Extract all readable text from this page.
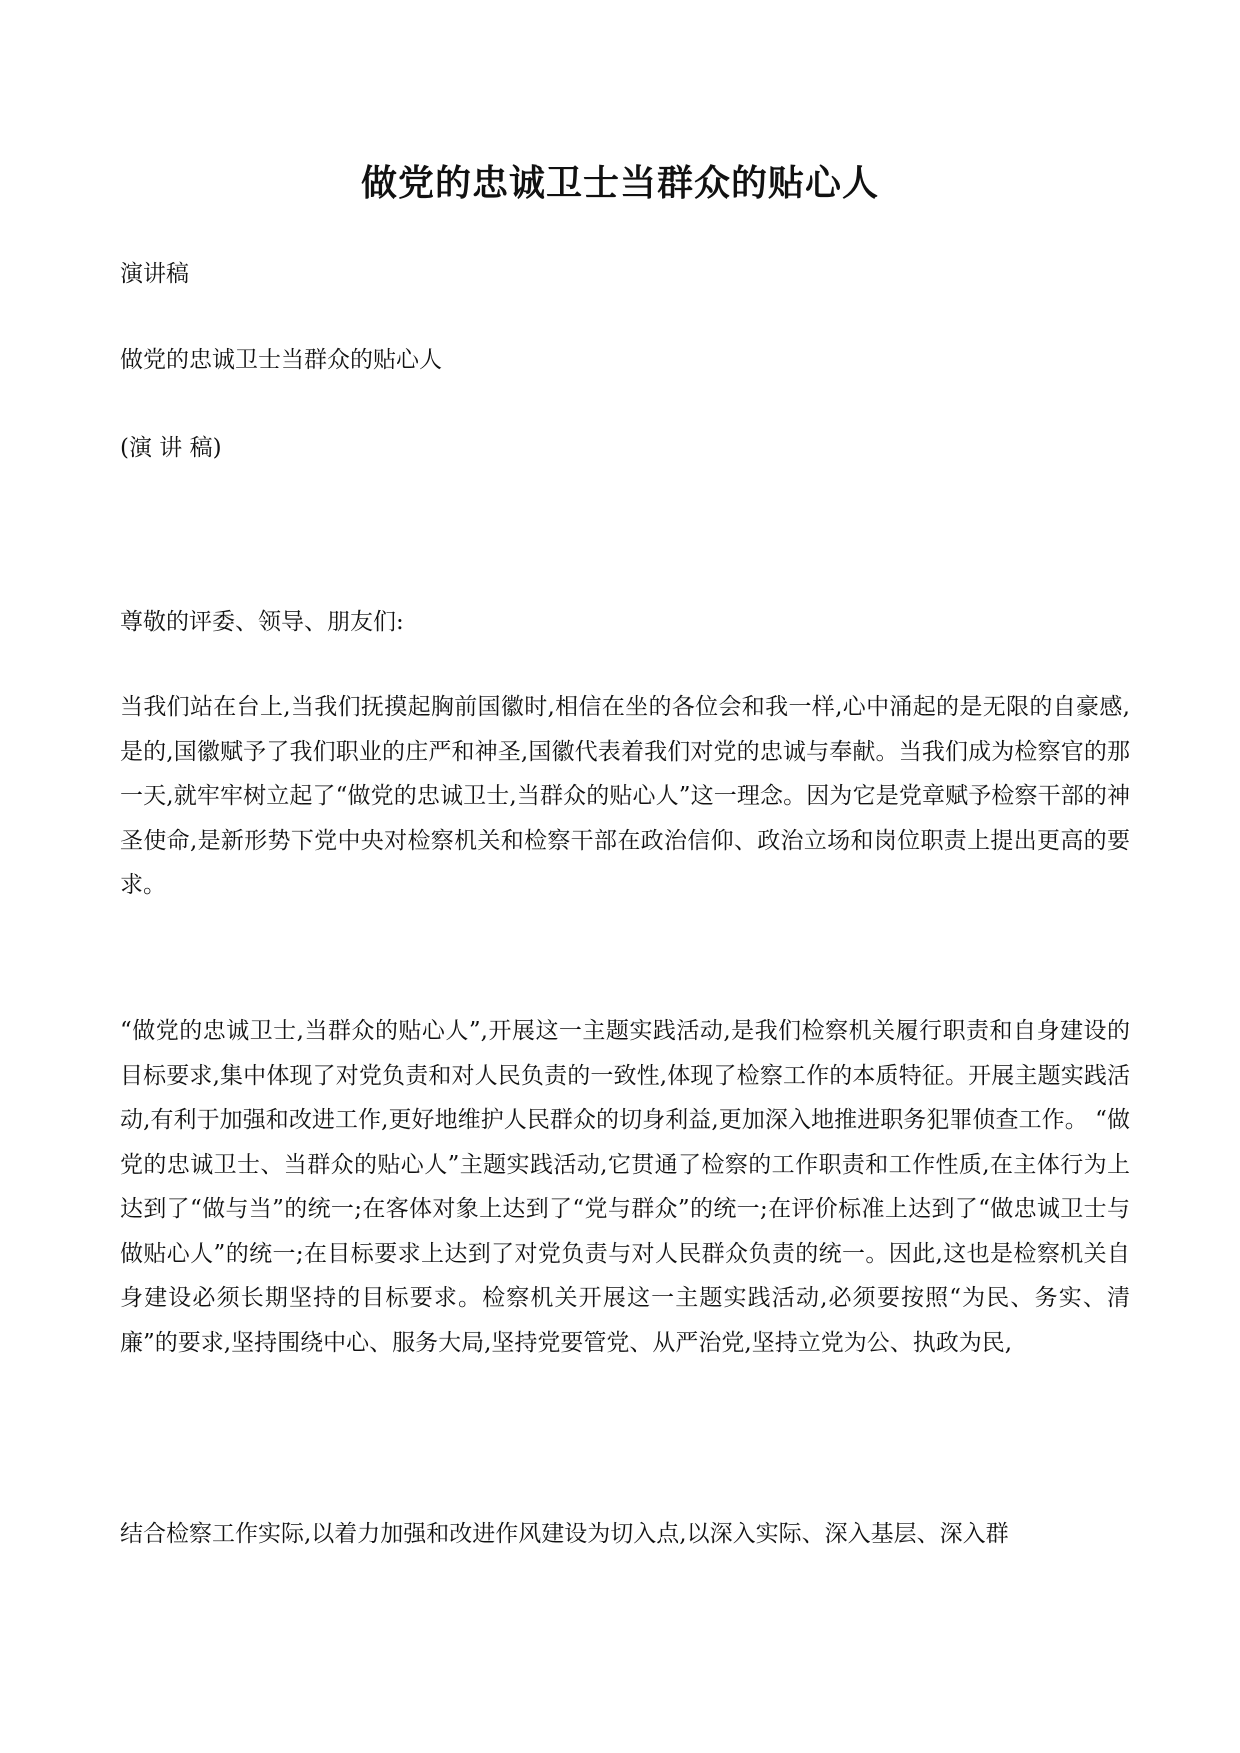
做党的忠诚卫士当群众的贴心人
演讲稿
做党的忠诚卫士当群众的贴心人
(演 讲 稿)
尊敬的评委、领导、朋友们:

当我们站在台上,当我们抚摸起胸前国徽时,相信在坐的各位会和我一样,心中涌起的是无限的自豪感,是的,国徽赋予了我们职业的庄严和神圣,国徽代表着我们对党的忠诚与奉献。当我们成为检察官的那一天,就牢牢树立起了“做党的忠诚卫士,当群众的贴心人”这一理念。因为它是党章赋予检察干部的神圣使命,是新形势下党中央对检察机关和检察干部在政治信仰、政治立场和岗位职责上提出更高的要求。

“做党的忠诚卫士,当群众的贴心人”,开展这一主题实践活动,是我们检察机关履行职责和自身建设的目标要求,集中体现了对党负责和对人民负责的一致性,体现了检察工作的本质特征。开展主题实践活动,有利于加强和改进工作,更好地维护人民群众的切身利益,更加深入地推进职务犯罪侦查工作。 “做党的忠诚卫士、当群众的贴心人”主题实践活动,它贯通了检察的工作职责和工作性质,在主体行为上达到了“做与当”的统一;在客体对象上达到了“党与群众”的统一;在评价标准上达到了“做忠诚卫士与做贴心人”的统一;在目标要求上达到了对党负责与对人民群众负责的统一。因此,这也是检察机关自身建设必须长期坚持的目标要求。检察机关开展这一主题实践活动,必须要按照“为民、务实、清廉”的要求,坚持围绕中心、服务大局,坚持党要管党、从严治党,坚持立党为公、执政为民,

结合检察工作实际,以着力加强和改进作风建设为切入点,以深入实际、深入基层、深入群
